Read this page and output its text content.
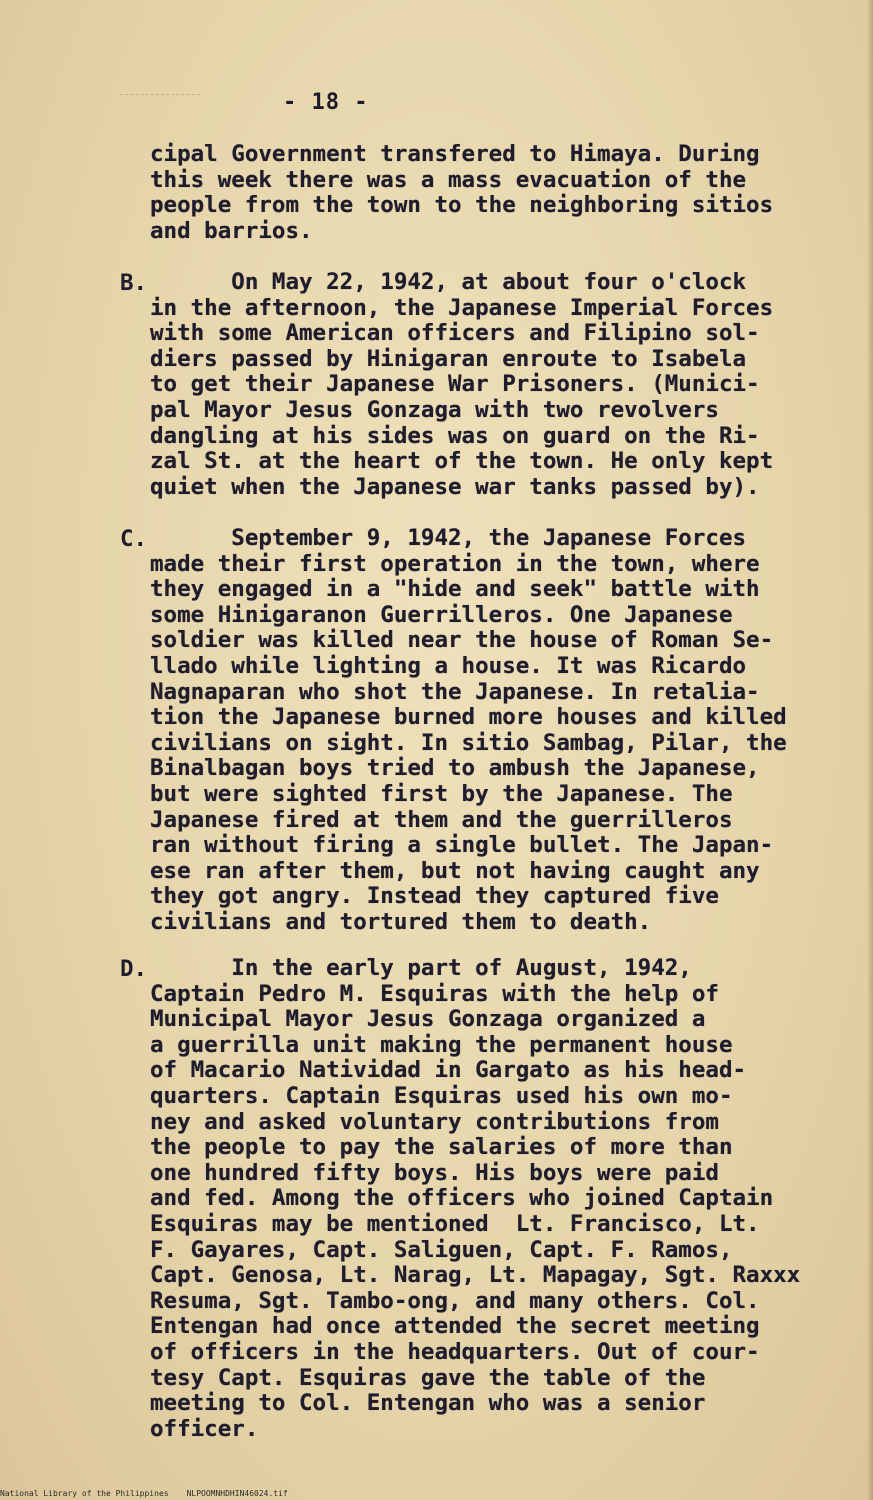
- 18 -
cipal Government transfered to Himaya. During
this week there was a mass evacuation of the
people from the town to the neighboring sitios
and barrios.
B. On May 22, 1942, at about four o'clock
in the afternoon, the Japanese Imperial Forces
with some American officers and Filipino sol-
diers passed by Hinigaran enroute to Isabela
to get their Japanese War Prisoners. (Munici-
pal Mayor Jesus Gonzaga with two revolvers
dangling at his sides was on guard on the Ri-
zal St. at the heart of the town. He only kept
quiet when the Japanese war tanks passed by).
C. September 9, 1942, the Japanese Forces
made their first operation in the town, where
they engaged in a "hide and seek" battle with
some Hinigaranon Guerrilleros. One Japanese
soldier was killed near the house of Roman Se-
llado while lighting a house. It was Ricardo
Nagnaparan who shot the Japanese. In retalia-
tion the Japanese burned more houses and killed
civilians on sight. In sitio Sambag, Pilar, the
Binalbagan boys tried to ambush the Japanese,
but were sighted first by the Japanese. The
Japanese fired at them and the guerrilleros
ran without firing a single bullet. The Japan-
ese ran after them, but not having caught any
they got angry. Instead they captured five
civilians and tortured them to death.
D. In the early part of August, 1942,
Captain Pedro M. Esquiras with the help of
Municipal Mayor Jesus Gonzaga organized a
a guerrilla unit making the permanent house
of Macario Natividad in Gargato as his head-
quarters. Captain Esquiras used his own mo-
ney and asked voluntary contributions from
the people to pay the salaries of more than
one hundred fifty boys. His boys were paid
and fed. Among the officers who joined Captain
Esquiras may be mentioned  Lt. Francisco, Lt.
F. Gayares, Capt. Saliguen, Capt. F. Ramos,
Capt. Genosa, Lt. Narag, Lt. Mapagay, Sgt. Raxxx
Resuma, Sgt. Tambo-ong, and many others. Col.
Entengan had once attended the secret meeting
of officers in the headquarters. Out of cour-
tesy Capt. Esquiras gave the table of the
meeting to Col. Entengan who was a senior
officer.
National Library of the Philippines NLPOOMNHDHIN46024.tif
